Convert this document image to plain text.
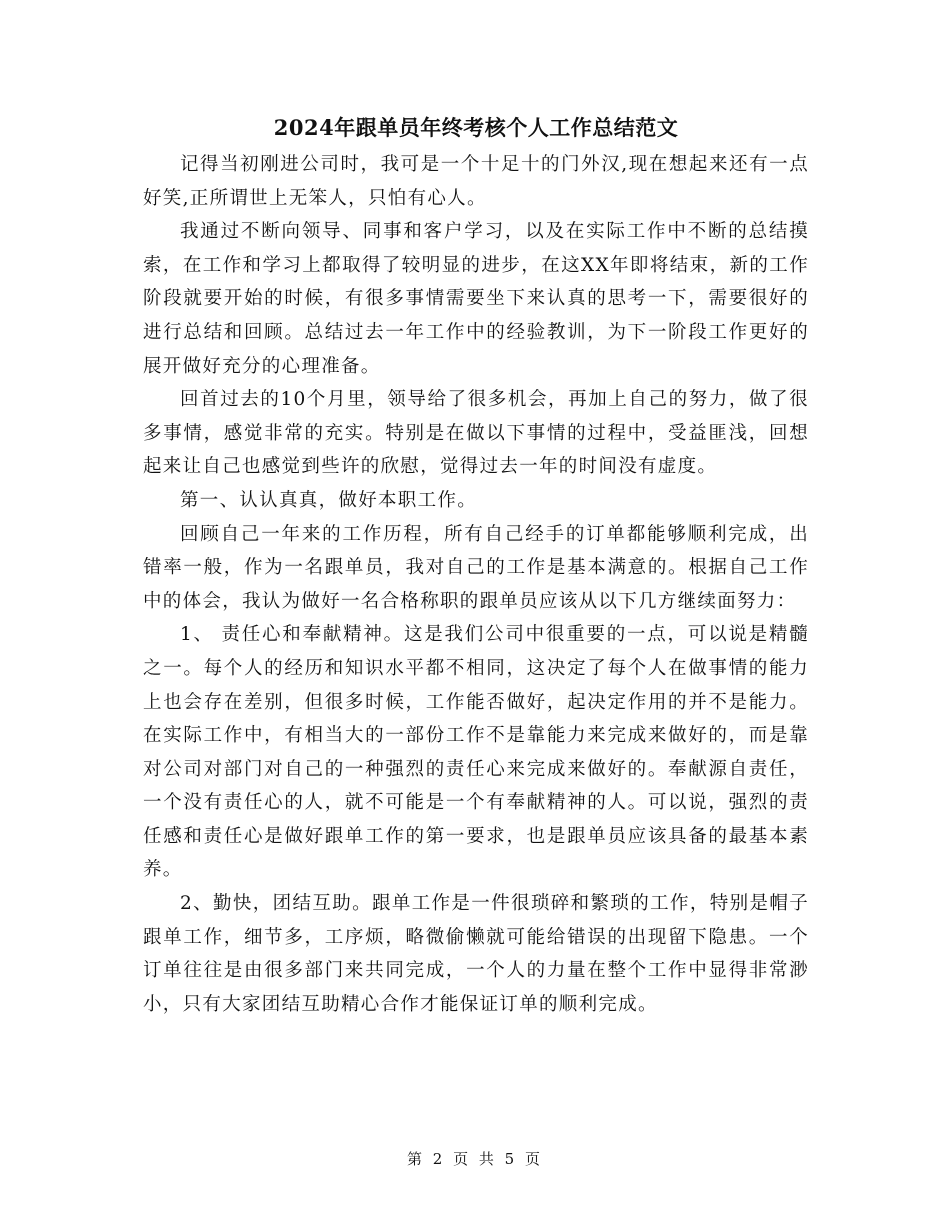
2024年跟单员年终考核个人工作总结范文

记得当初刚进公司时，我可是一个十足十的门外汉,现在想起来还有一点好笑,正所谓世上无笨人，只怕有心人。

我通过不断向领导、同事和客户学习，以及在实际工作中不断的总结摸索，在工作和学习上都取得了较明显的进步，在这XX年即将结束，新的工作阶段就要开始的时候，有很多事情需要坐下来认真的思考一下，需要很好的进行总结和回顾。总结过去一年工作中的经验教训，为下一阶段工作更好的展开做好充分的心理准备。

回首过去的10个月里，领导给了很多机会，再加上自己的努力，做了很多事情，感觉非常的充实。特别是在做以下事情的过程中，受益匪浅，回想起来让自己也感觉到些许的欣慰，觉得过去一年的时间没有虚度。

第一、认认真真，做好本职工作。

回顾自己一年来的工作历程，所有自己经手的订单都能够顺利完成，出错率一般，作为一名跟单员，我对自己的工作是基本满意的。根据自己工作中的体会，我认为做好一名合格称职的跟单员应该从以下几方继续面努力：

1、 责任心和奉献精神。这是我们公司中很重要的一点，可以说是精髓之一。每个人的经历和知识水平都不相同，这决定了每个人在做事情的能力上也会存在差别，但很多时候，工作能否做好，起决定作用的并不是能力。在实际工作中，有相当大的一部份工作不是靠能力来完成来做好的，而是靠对公司对部门对自己的一种强烈的责任心来完成来做好的。奉献源自责任，一个没有责任心的人，就不可能是一个有奉献精神的人。可以说，强烈的责任感和责任心是做好跟单工作的第一要求，也是跟单员应该具备的最基本素养。

2、勤快，团结互助。跟单工作是一件很琐碎和繁琐的工作，特别是帽子跟单工作，细节多，工序烦，略微偷懒就可能给错误的出现留下隐患。一个订单往往是由很多部门来共同完成，一个人的力量在整个工作中显得非常渺小，只有大家团结互助精心合作才能保证订单的顺利完成。

第 2 页 共 5 页
